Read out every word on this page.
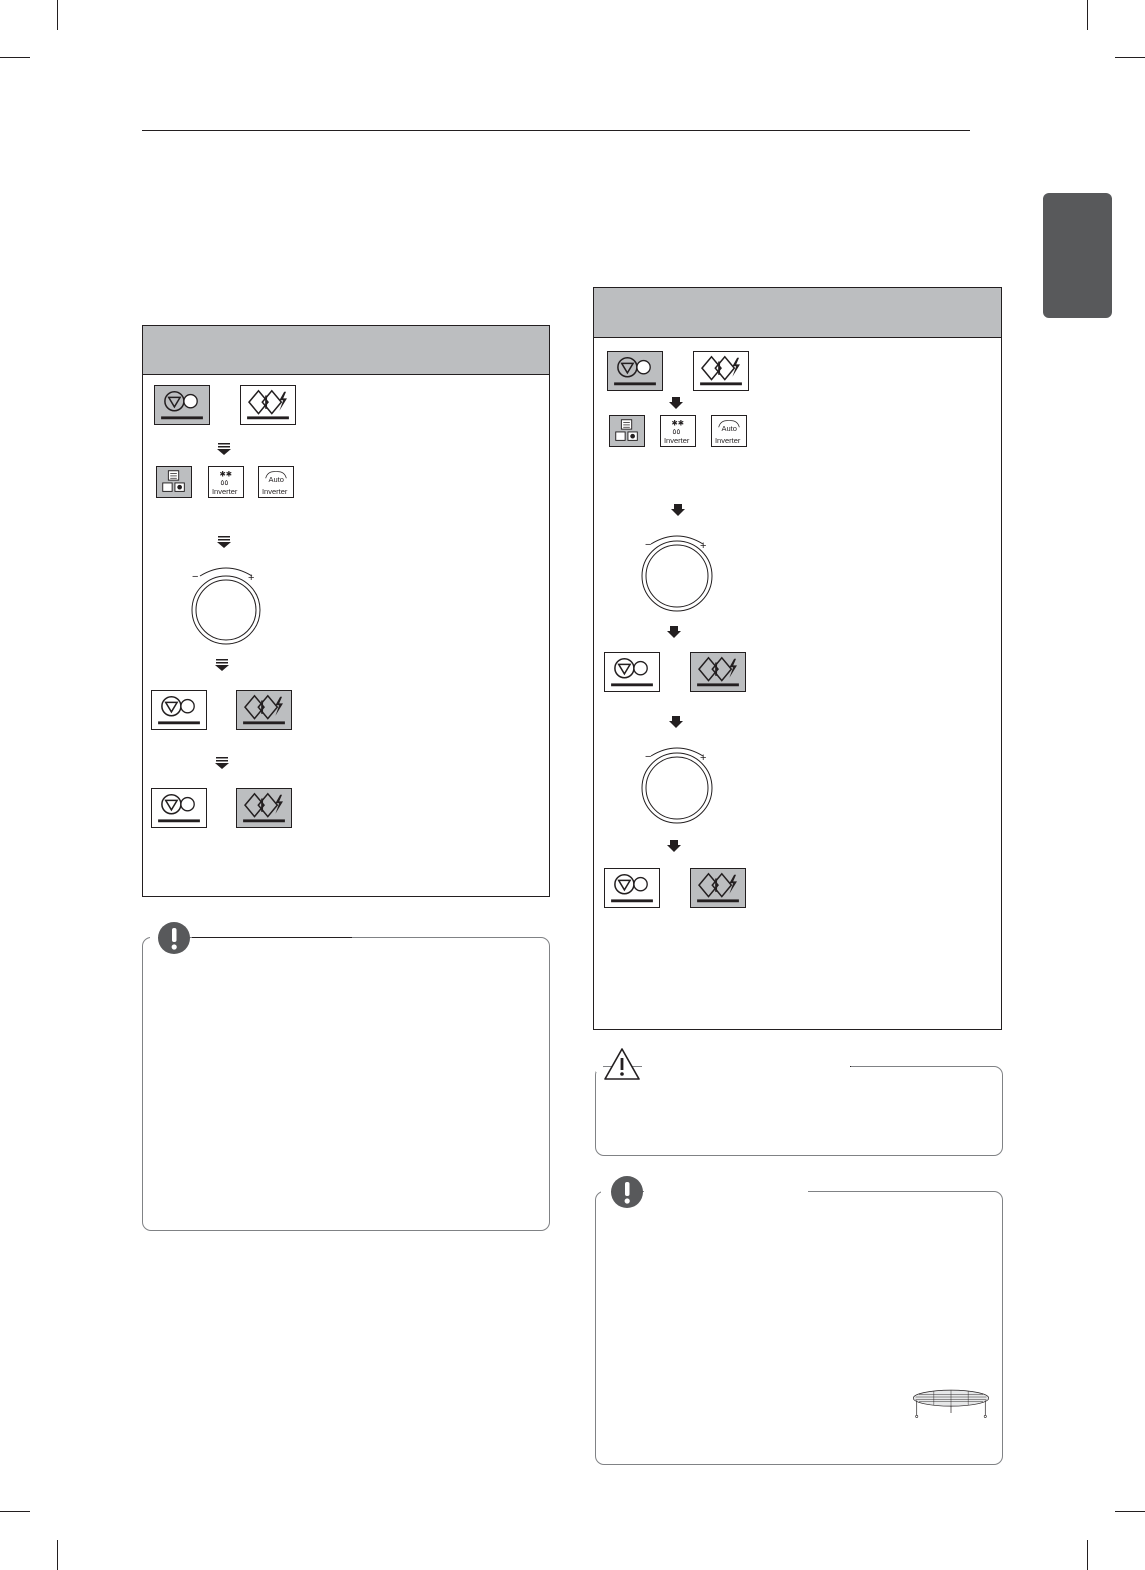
✱✱
٥٥
Inverter
Auto
Inverter
−	+
✱✱
٥٥
Inverter
Auto
Inverter
−	+
−	+
